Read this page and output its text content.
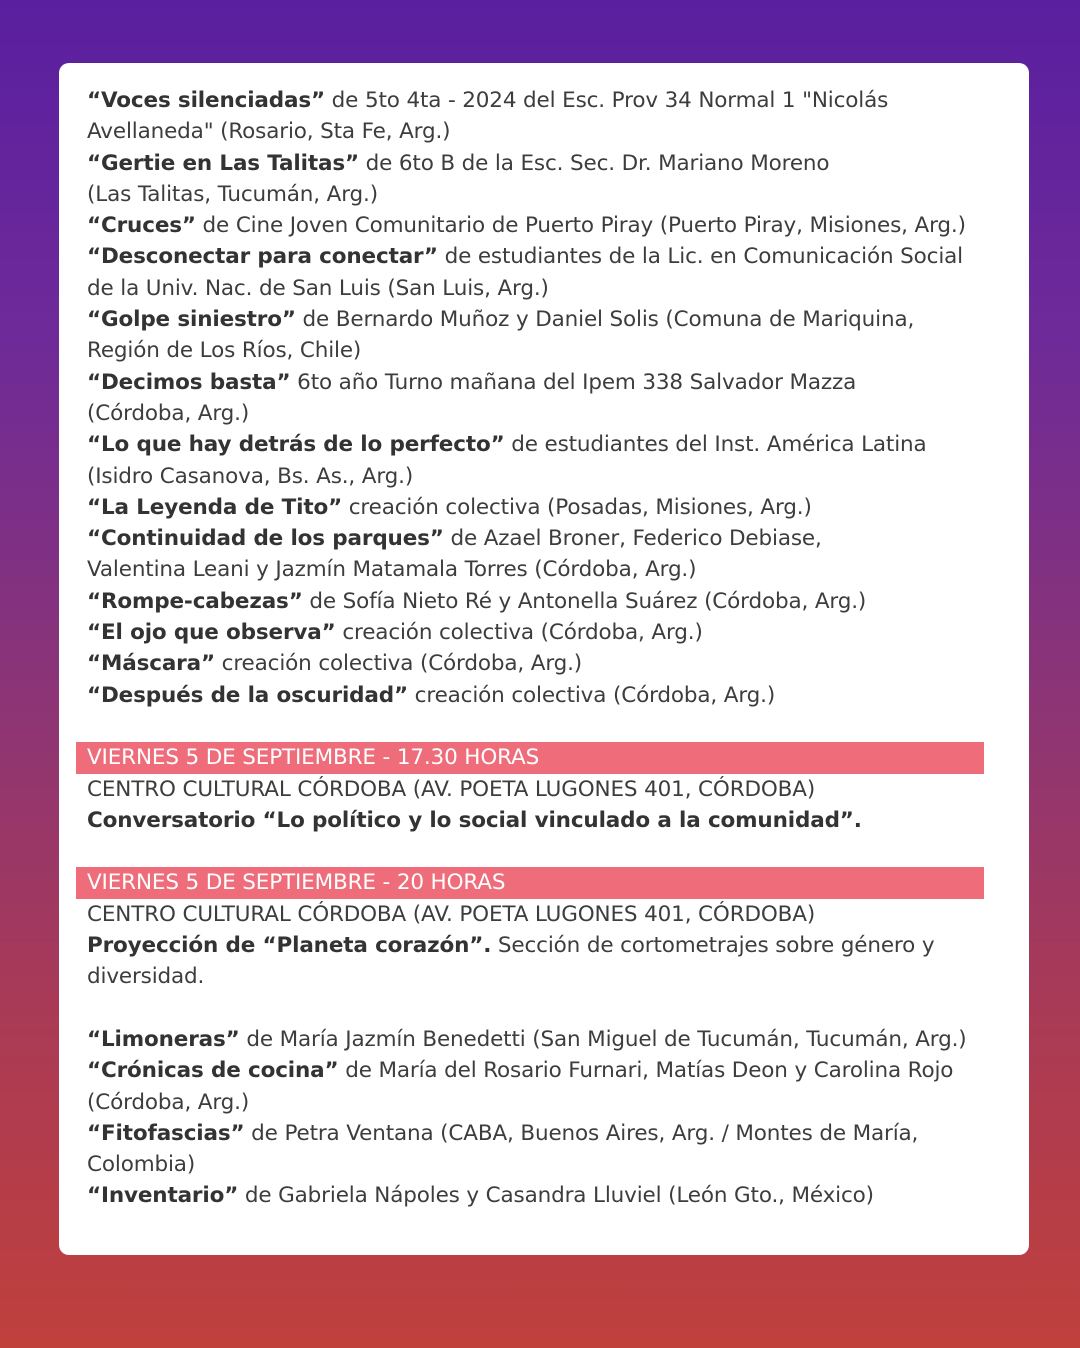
“Voces silenciadas” de 5to 4ta - 2024 del Esc. Prov 34 Normal 1 "Nicolás
Avellaneda" (Rosario, Sta Fe, Arg.)
“Gertie en Las Talitas” de 6to B de la Esc. Sec. Dr. Mariano Moreno
(Las Talitas, Tucumán, Arg.)
“Cruces” de Cine Joven Comunitario de Puerto Piray (Puerto Piray, Misiones, Arg.)
“Desconectar para conectar” de estudiantes de la Lic. en Comunicación Social
de la Univ. Nac. de San Luis (San Luis, Arg.)
“Golpe siniestro” de Bernardo Muñoz y Daniel Solis (Comuna de Mariquina,
Región de Los Ríos, Chile)
“Decimos basta” 6to año Turno mañana del Ipem 338 Salvador Mazza
(Córdoba, Arg.)
“Lo que hay detrás de lo perfecto” de estudiantes del Inst. América Latina
(Isidro Casanova, Bs. As., Arg.)
“La Leyenda de Tito” creación colectiva (Posadas, Misiones, Arg.)
“Continuidad de los parques” de Azael Broner, Federico Debiase,
Valentina Leani y Jazmín Matamala Torres (Córdoba, Arg.)
“Rompe-cabezas” de Sofía Nieto Ré y Antonella Suárez (Córdoba, Arg.)
“El ojo que observa” creación colectiva (Córdoba, Arg.)
“Máscara” creación colectiva (Córdoba, Arg.)
“Después de la oscuridad” creación colectiva (Córdoba, Arg.)
VIERNES 5 DE SEPTIEMBRE - 17.30 HORAS
CENTRO CULTURAL CÓRDOBA (AV. POETA LUGONES 401, CÓRDOBA)
Conversatorio “Lo político y lo social vinculado a la comunidad”.
VIERNES 5 DE SEPTIEMBRE - 20 HORAS
CENTRO CULTURAL CÓRDOBA (AV. POETA LUGONES 401, CÓRDOBA)
Proyección de “Planeta corazón”. Sección de cortometrajes sobre género y
diversidad.
“Limoneras” de María Jazmín Benedetti (San Miguel de Tucumán, Tucumán, Arg.)
“Crónicas de cocina” de María del Rosario Furnari, Matías Deon y Carolina Rojo
(Córdoba, Arg.)
“Fitofascias” de Petra Ventana (CABA, Buenos Aires, Arg. / Montes de María,
Colombia)
“Inventario” de Gabriela Nápoles y Casandra Lluviel (León Gto., México)
